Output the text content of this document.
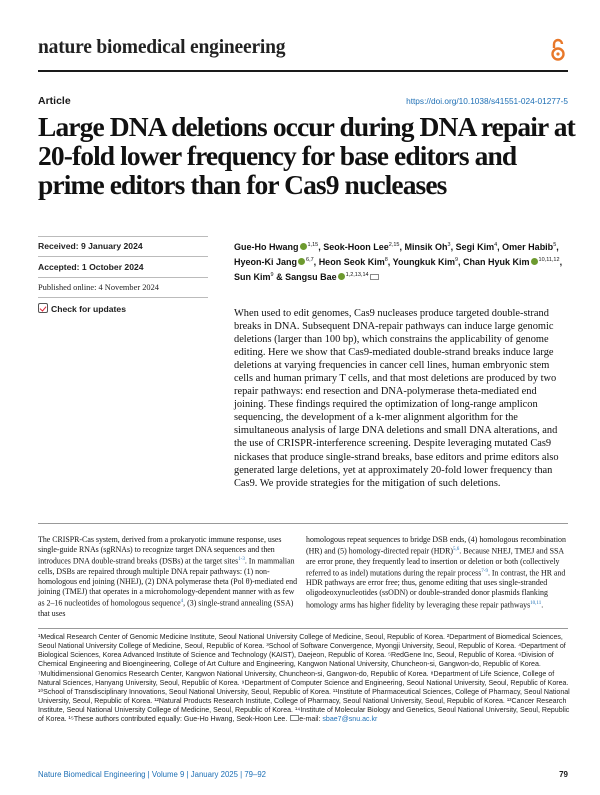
nature biomedical engineering
Article	https://doi.org/10.1038/s41551-024-01277-5
Large DNA deletions occur during DNA repair at 20-fold lower frequency for base editors and prime editors than for Cas9 nucleases
Received: 9 January 2024
Accepted: 1 October 2024
Published online: 4 November 2024
Check for updates
Gue-Ho Hwang $^{1,15}$, Seok-Hoon Lee$^{2,15}$, Minsik Oh$^3$, Segi Kim$^4$, Omer Habib$^5$, Hyeon-Ki Jang $^{6,7}$, Heon Seok Kim$^8$, Youngkuk Kim$^9$, Chan Hyuk Kim $^{10,11,12}$, Sun Kim$^9$ & Sangsu Bae $^{1,2,13,14}$
When used to edit genomes, Cas9 nucleases produce targeted double-strand breaks in DNA. Subsequent DNA-repair pathways can induce large genomic deletions (larger than 100 bp), which constrains the applicability of genome editing. Here we show that Cas9-mediated double-strand breaks induce large deletions at varying frequencies in cancer cell lines, human embryonic stem cells and human primary T cells, and that most deletions are produced by two repair pathways: end resection and DNA-polymerase theta-mediated end joining. These findings required the optimization of long-range amplicon sequencing, the development of a k-mer alignment algorithm for the simultaneous analysis of large DNA deletions and small DNA alterations, and the use of CRISPR-interference screening. Despite leveraging mutated Cas9 nickases that produce single-strand breaks, base editors and prime editors also generated large deletions, yet at approximately 20-fold lower frequency than Cas9. We provide strategies for the mitigation of such deletions.
The CRISPR-Cas system, derived from a prokaryotic immune response, uses single-guide RNAs (sgRNAs) to recognize target DNA sequences and then introduces DNA double-strand breaks (DSBs) at the target sites$^{1-3}$. In mammalian cells, DSBs are repaired through multiple DNA repair pathways: (1) non-homologous end joining (NHEJ), (2) DNA polymerase theta (Pol θ)-mediated end joining (TMEJ) that operates in a microhomology-dependent manner with as few as 2–16 nucleotides of homologous sequence$^4$, (3) single-strand annealing (SSA) that uses
homologous repeat sequences to bridge DSB ends, (4) homologous recombination (HR) and (5) homology-directed repair (HDR)$^{5,6}$. Because NHEJ, TMEJ and SSA are error prone, they frequently lead to insertion or deletion or both (collectively referred to as indel) mutations during the repair process$^{7-9}$. In contrast, the HR and HDR pathways are error free; thus, genome editing that uses single-stranded oligodeoxynucleotides (ssODN) or double-stranded donor plasmids flanking homology arms has higher fidelity by leveraging these repair pathways$^{10,11}$.
¹Medical Research Center of Genomic Medicine Institute, Seoul National University College of Medicine, Seoul, Republic of Korea. ²Department of Biomedical Sciences, Seoul National University College of Medicine, Seoul, Republic of Korea. ³School of Software Convergence, Myongji University, Seoul, Republic of Korea. ⁴Department of Biological Sciences, Korea Advanced Institute of Science and Technology (KAIST), Daejeon, Republic of Korea. ⁵RedGene Inc, Seoul, Republic of Korea. ⁶Division of Chemical Engineering and Bioengineering, College of Art Culture and Engineering, Kangwon National University, Chuncheon-si, Gangwon-do, Republic of Korea. ⁷Multidimensional Genomics Research Center, Kangwon National University, Chuncheon-si, Gangwon-do, Republic of Korea. ⁸Department of Life Science, College of Natural Sciences, Hanyang University, Seoul, Republic of Korea. ⁹Department of Computer Science and Engineering, Seoul National University, Seoul, Republic of Korea. ¹⁰School of Transdisciplinary Innovations, Seoul National University, Seoul, Republic of Korea. ¹¹Institute of Pharmaceutical Sciences, College of Pharmacy, Seoul National University, Seoul, Republic of Korea. ¹²Natural Products Research Institute, College of Pharmacy, Seoul National University, Seoul, Republic of Korea. ¹³Cancer Research Institute, Seoul National University College of Medicine, Seoul, Republic of Korea. ¹⁴Institute of Molecular Biology and Genetics, Seoul National University, Seoul, Republic of Korea. ¹⁵These authors contributed equally: Gue-Ho Hwang, Seok-Hoon Lee. e-mail: sbae7@snu.ac.kr
Nature Biomedical Engineering | Volume 9 | January 2025 | 79–92	79
